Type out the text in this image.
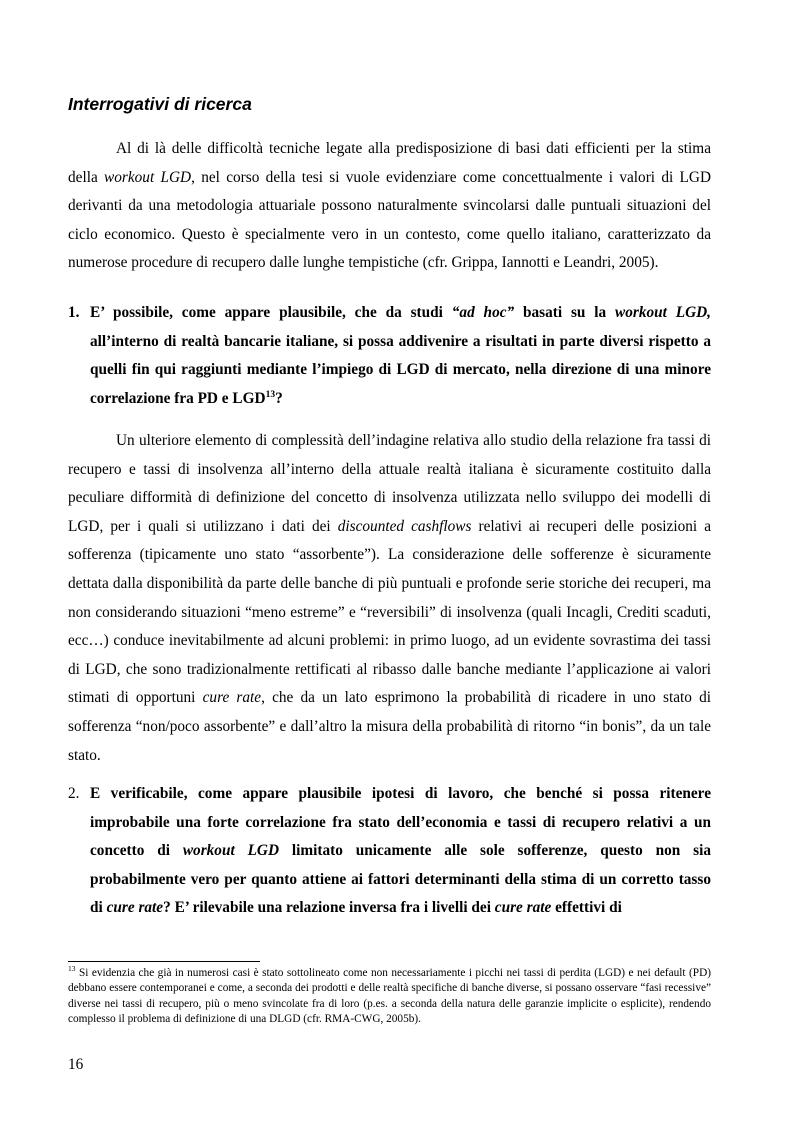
Interrogativi di ricerca

Al di là delle difficoltà tecniche legate alla predisposizione di basi dati efficienti per la stima della workout LGD, nel corso della tesi si vuole evidenziare come concettualmente i valori di LGD derivanti da una metodologia attuariale possono naturalmente svincolarsi dalle puntuali situazioni del ciclo economico. Questo è specialmente vero in un contesto, come quello italiano, caratterizzato da numerose procedure di recupero dalle lunghe tempistiche (cfr. Grippa, Iannotti e Leandri, 2005).

1. E’ possibile, come appare plausibile, che da studi “ad hoc” basati su la workout LGD, all’interno di realtà bancarie italiane, si possa addivenire a risultati in parte diversi rispetto a quelli fin qui raggiunti mediante l’impiego di LGD di mercato, nella direzione di una minore correlazione fra PD e LGD$^{13}$?

Un ulteriore elemento di complessità dell’indagine relativa allo studio della relazione fra tassi di recupero e tassi di insolvenza all’interno della attuale realtà italiana è sicuramente costituito dalla peculiare difformità di definizione del concetto di insolvenza utilizzata nello sviluppo dei modelli di LGD, per i quali si utilizzano i dati dei discounted cashflows relativi ai recuperi delle posizioni a sofferenza (tipicamente uno stato “assorbente”). La considerazione delle sofferenze è sicuramente dettata dalla disponibilità da parte delle banche di più puntuali e profonde serie storiche dei recuperi, ma non considerando situazioni “meno estreme” e “reversibili” di insolvenza (quali Incagli, Crediti scaduti, ecc…) conduce inevitabilmente ad alcuni problemi: in primo luogo, ad un evidente sovrastima dei tassi di LGD, che sono tradizionalmente rettificati al ribasso dalle banche mediante l’applicazione ai valori stimati di opportuni cure rate, che da un lato esprimono la probabilità di ricadere in uno stato di sofferenza “non/poco assorbente” e dall’altro la misura della probabilità di ritorno “in bonis”, da un tale stato.

2. E verificabile, come appare plausibile ipotesi di lavoro, che benché si possa ritenere improbabile una forte correlazione fra stato dell’economia e tassi di recupero relativi a un concetto di workout LGD limitato unicamente alle sole sofferenze, questo non sia probabilmente vero per quanto attiene ai fattori determinanti della stima di un corretto tasso di cure rate? E’ rilevabile una relazione inversa fra i livelli dei cure rate effettivi di

$^{13}$ Si evidenzia che già in numerosi casi è stato sottolineato come non necessariamente i picchi nei tassi di perdita (LGD) e nei default (PD) debbano essere contemporanei e come, a seconda dei prodotti e delle realtà specifiche di banche diverse, si possano osservare “fasi recessive” diverse nei tassi di recupero, più o meno svincolate fra di loro (p.es. a seconda della natura delle garanzie implicite o esplicite), rendendo complesso il problema di definizione di una DLGD (cfr. RMA-CWG, 2005b).

16
